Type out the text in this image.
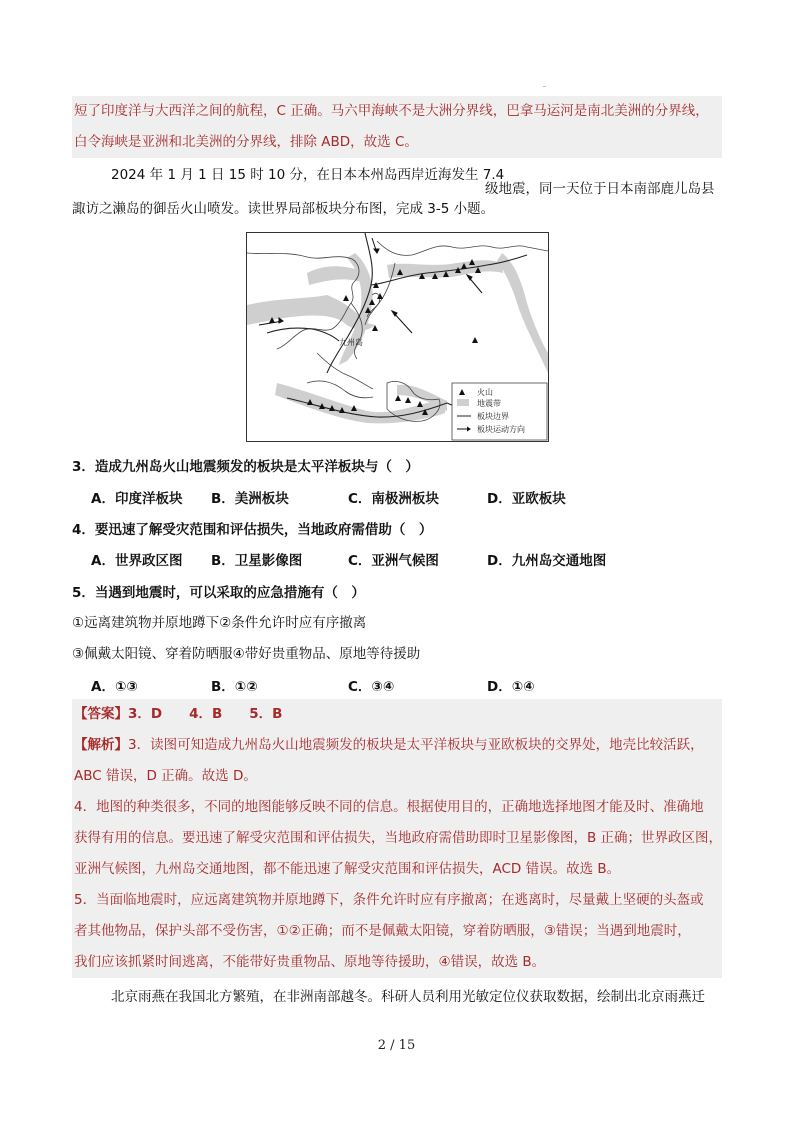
短了印度洋与大西洋之间的航程，C 正确。马六甲海峡不是大洲分界线，巴拿马运河是南北美洲的分界线，

白令海峡是亚洲和北美洲的分界线，排除 ABD，故选 C。

2024 年 1 月 1 日 15 时 10 分，在日本本州岛西岸近海发生 7.4
级地震，同一天位于日本南部鹿儿岛县
諏访之濑岛的御岳火山喷发。读世界局部板块分布图，完成 3-5 小题。
九州岛
火山
地震带
板块边界
板块运动方向
3．造成九州岛火山地震频发的板块是太平洋板块与（　）
A．印度洋板块 B．美洲板块	C．南极洲板块	D．亚欧板块
4．要迅速了解受灾范围和评估损失，当地政府需借助（　）
A．世界政区图 B．卫星影像图	C．亚洲气候图	D．九州岛交通地图
5．当遇到地震时，可以采取的应急措施有（　）
①远离建筑物并原地蹲下②条件允许时应有序撤离
③佩戴太阳镜、穿着防晒服④带好贵重物品、原地等待援助
A．①③	B．①②	C．③④	D．①④

【答案】3．D　　4．B　　5．B

【解析】3．读图可知造成九州岛火山地震频发的板块是太平洋板块与亚欧板块的交界处，地壳比较活跃，

ABC 错误，D 正确。故选 D。

4．地图的种类很多，不同的地图能够反映不同的信息。根据使用目的，正确地选择地图才能及时、准确地

获得有用的信息。要迅速了解受灾范围和评估损失，当地政府需借助即时卫星影像图，B 正确；世界政区图，

亚洲气候图，九州岛交通地图，都不能迅速了解受灾范围和评估损失，ACD 错误。故选 B。

5．当面临地震时，应远离建筑物并原地蹲下，条件允许时应有序撤离；在逃离时，尽量戴上坚硬的头盔或

者其他物品，保护头部不受伤害，①②正确；而不是佩戴太阳镜，穿着防晒服，③错误；当遇到地震时，

我们应该抓紧时间逃离，不能带好贵重物品、原地等待援助，④错误，故选 B。

北京雨燕在我国北方繁殖，在非洲南部越冬。科研人员利用光敏定位仪获取数据，绘制出北京雨燕迁
2 / 15
